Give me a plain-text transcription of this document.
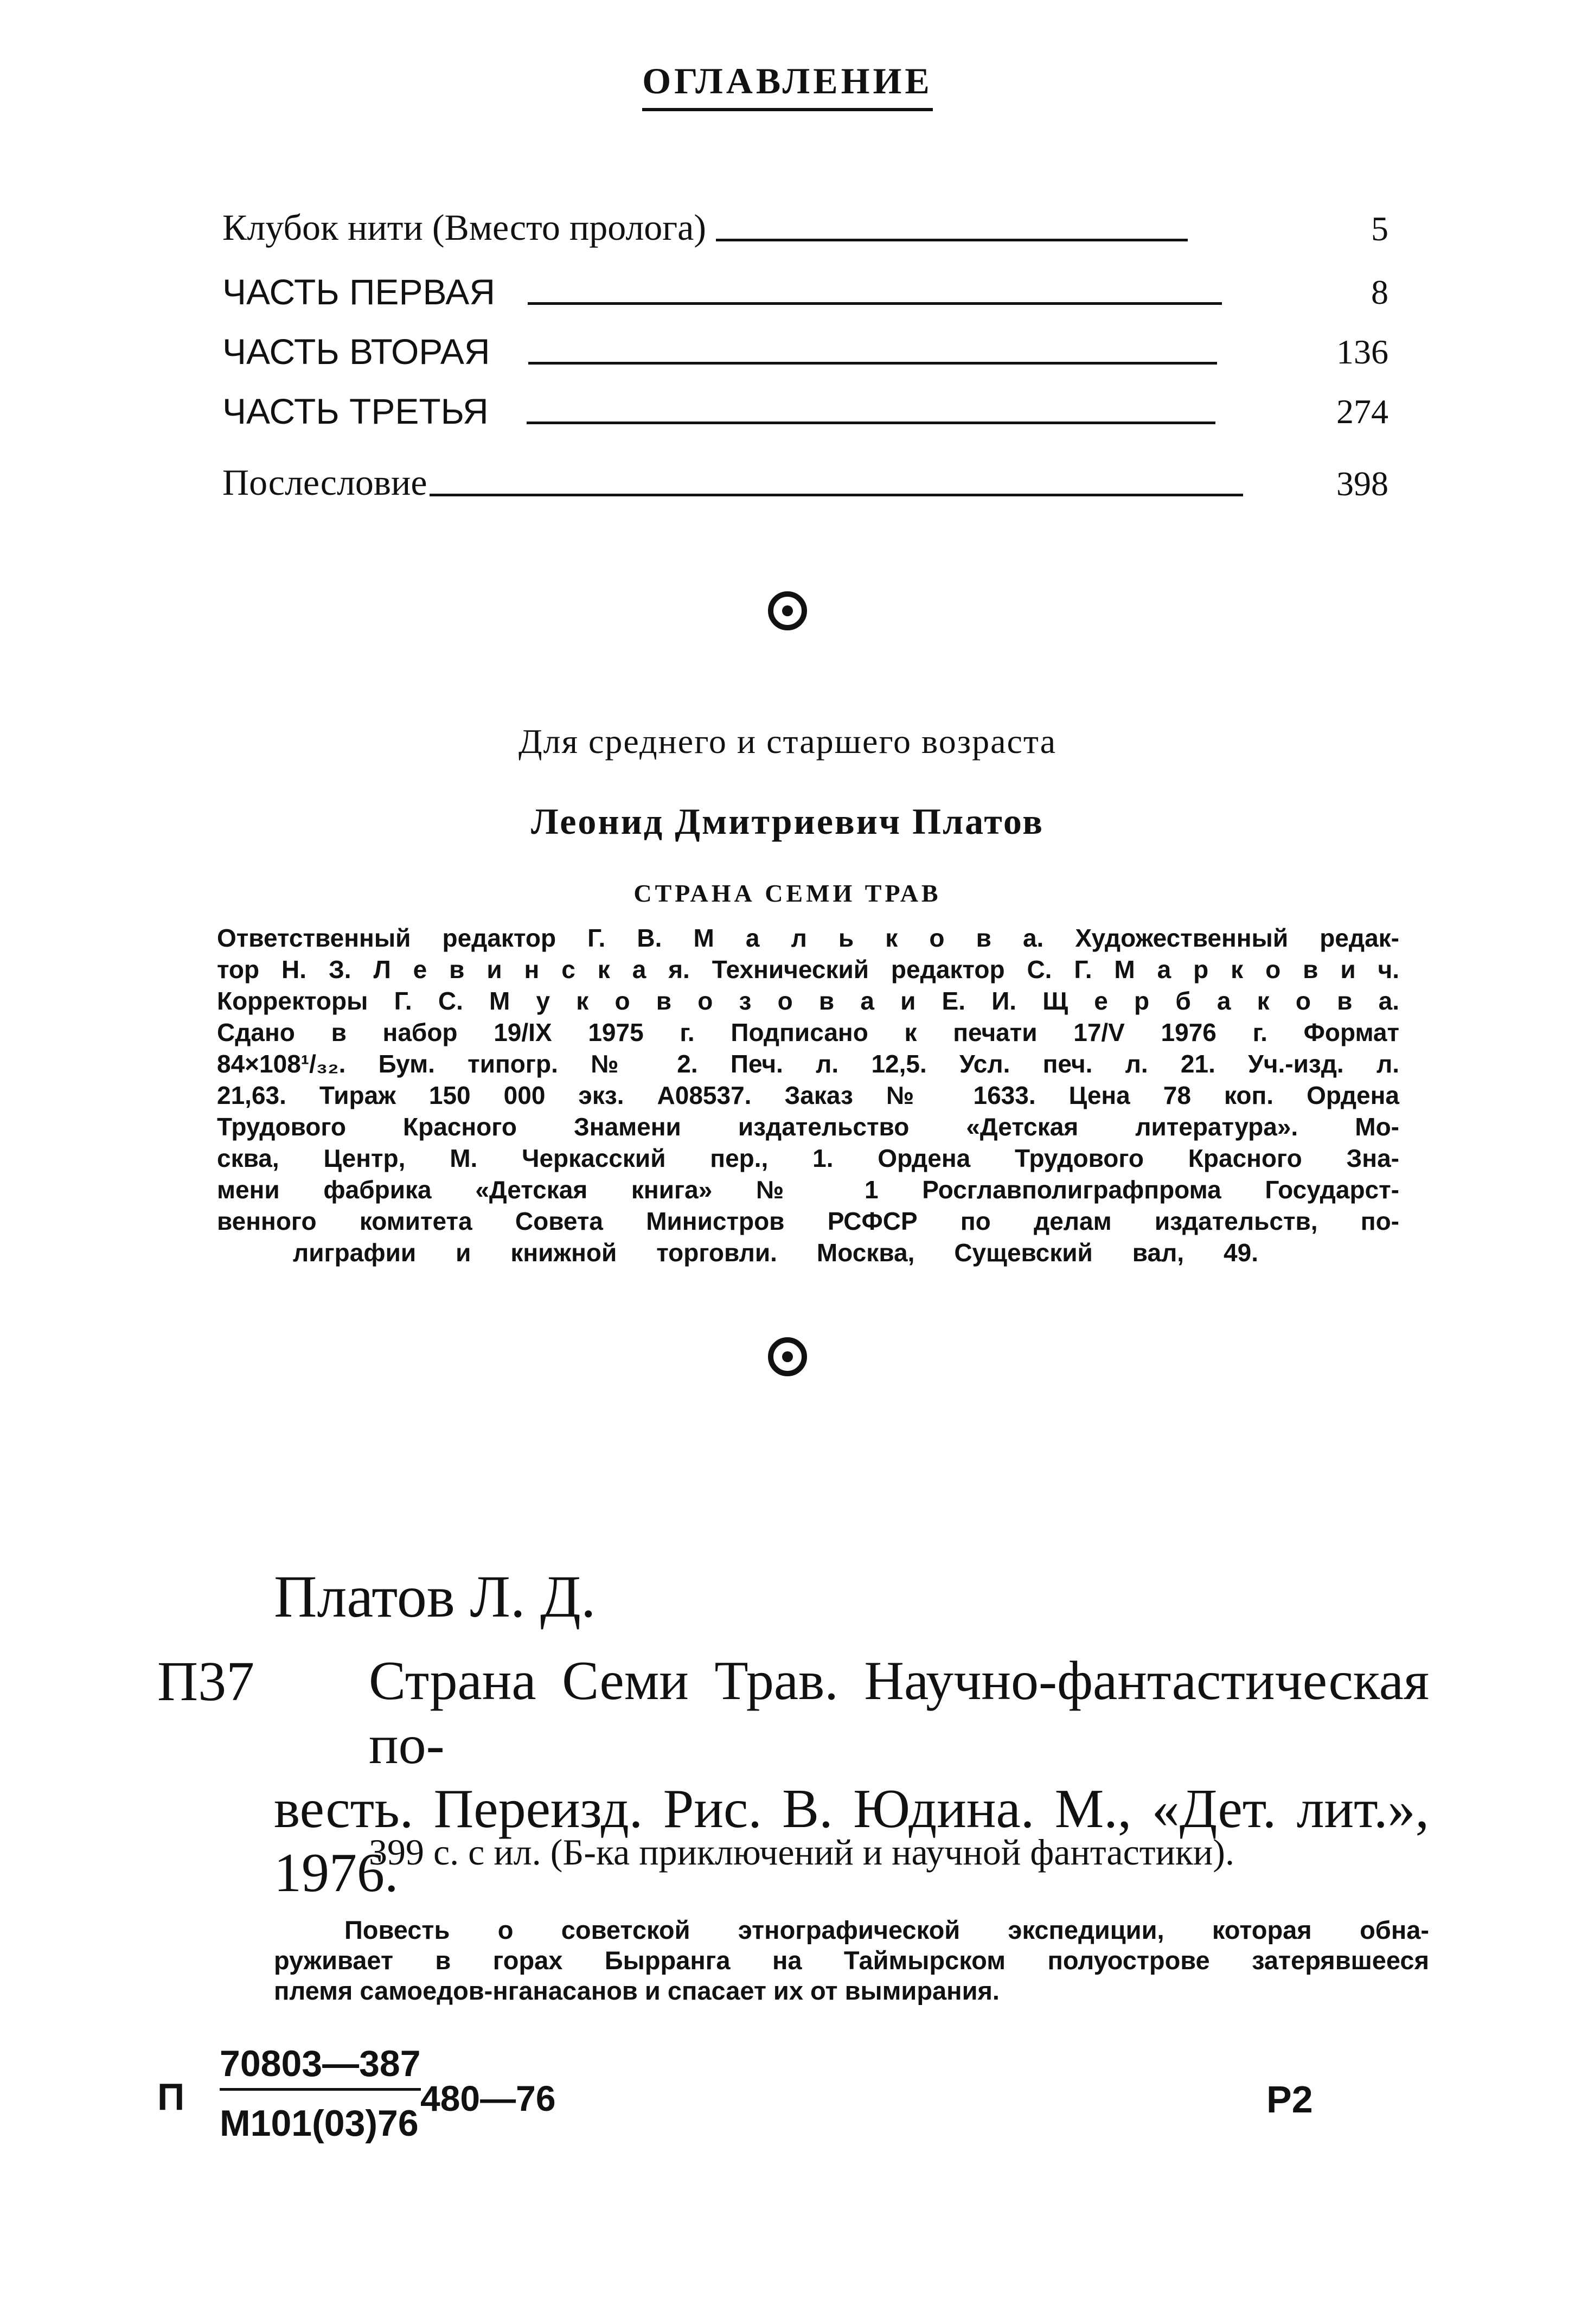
ОГЛАВЛЕНИЕ
Клубок нити (Вместо пролога)	5
ЧАСТЬ ПЕРВАЯ	8
ЧАСТЬ ВТОРАЯ	136
ЧАСТЬ ТРЕТЬЯ	274
Послесловие	398
Для среднего и старшего возраста
Леонид Дмитриевич Платов
СТРАНА СЕМИ ТРАВ
Ответственный редактор Г. В. М а л ь к о в а. Художественный редак-
тор Н. З. Л е в и н с к а я. Технический редактор С. Г. М а р к о в и ч.
Корректоры Г. С. М у к о в о з о в а и Е. И. Щ е р б а к о в а.
Сдано в набор 19/IX 1975 г. Подписано к печати 17/V 1976 г. Формат
84×108¹/₃₂. Бум. типогр. № 2. Печ. л. 12,5. Усл. печ. л. 21. Уч.-изд. л.
21,63. Тираж 150 000 экз. А08537. Заказ № 1633. Цена 78 коп. Ордена
Трудового Красного Знамени издательство «Детская литература». Мо-
сква, Центр, М. Черкасский пер., 1. Ордена Трудового Красного Зна-
мени фабрика «Детская книга» № 1 Росглавполиграфпрома Государст-
венного комитета Совета Министров РСФСР по делам издательств, по-
лиграфии и книжной торговли. Москва, Сущевский вал, 49.
Платов Л. Д.
П37	Страна Семи Трав. Научно-фантастическая по-
весть. Переизд. Рис. В. Юдина. М., «Дет. лит.»,
1976.
399 с. с ил. (Б-ка приключений и научной фантастики).
Повесть о советской этнографической экспедиции, которая обна-
руживает в горах Бырранга на Таймырском полуострове затерявшееся
племя самоедов-нганасанов и спасает их от вымирания.
П
70803—387
М101(03)76
480—76	Р2
